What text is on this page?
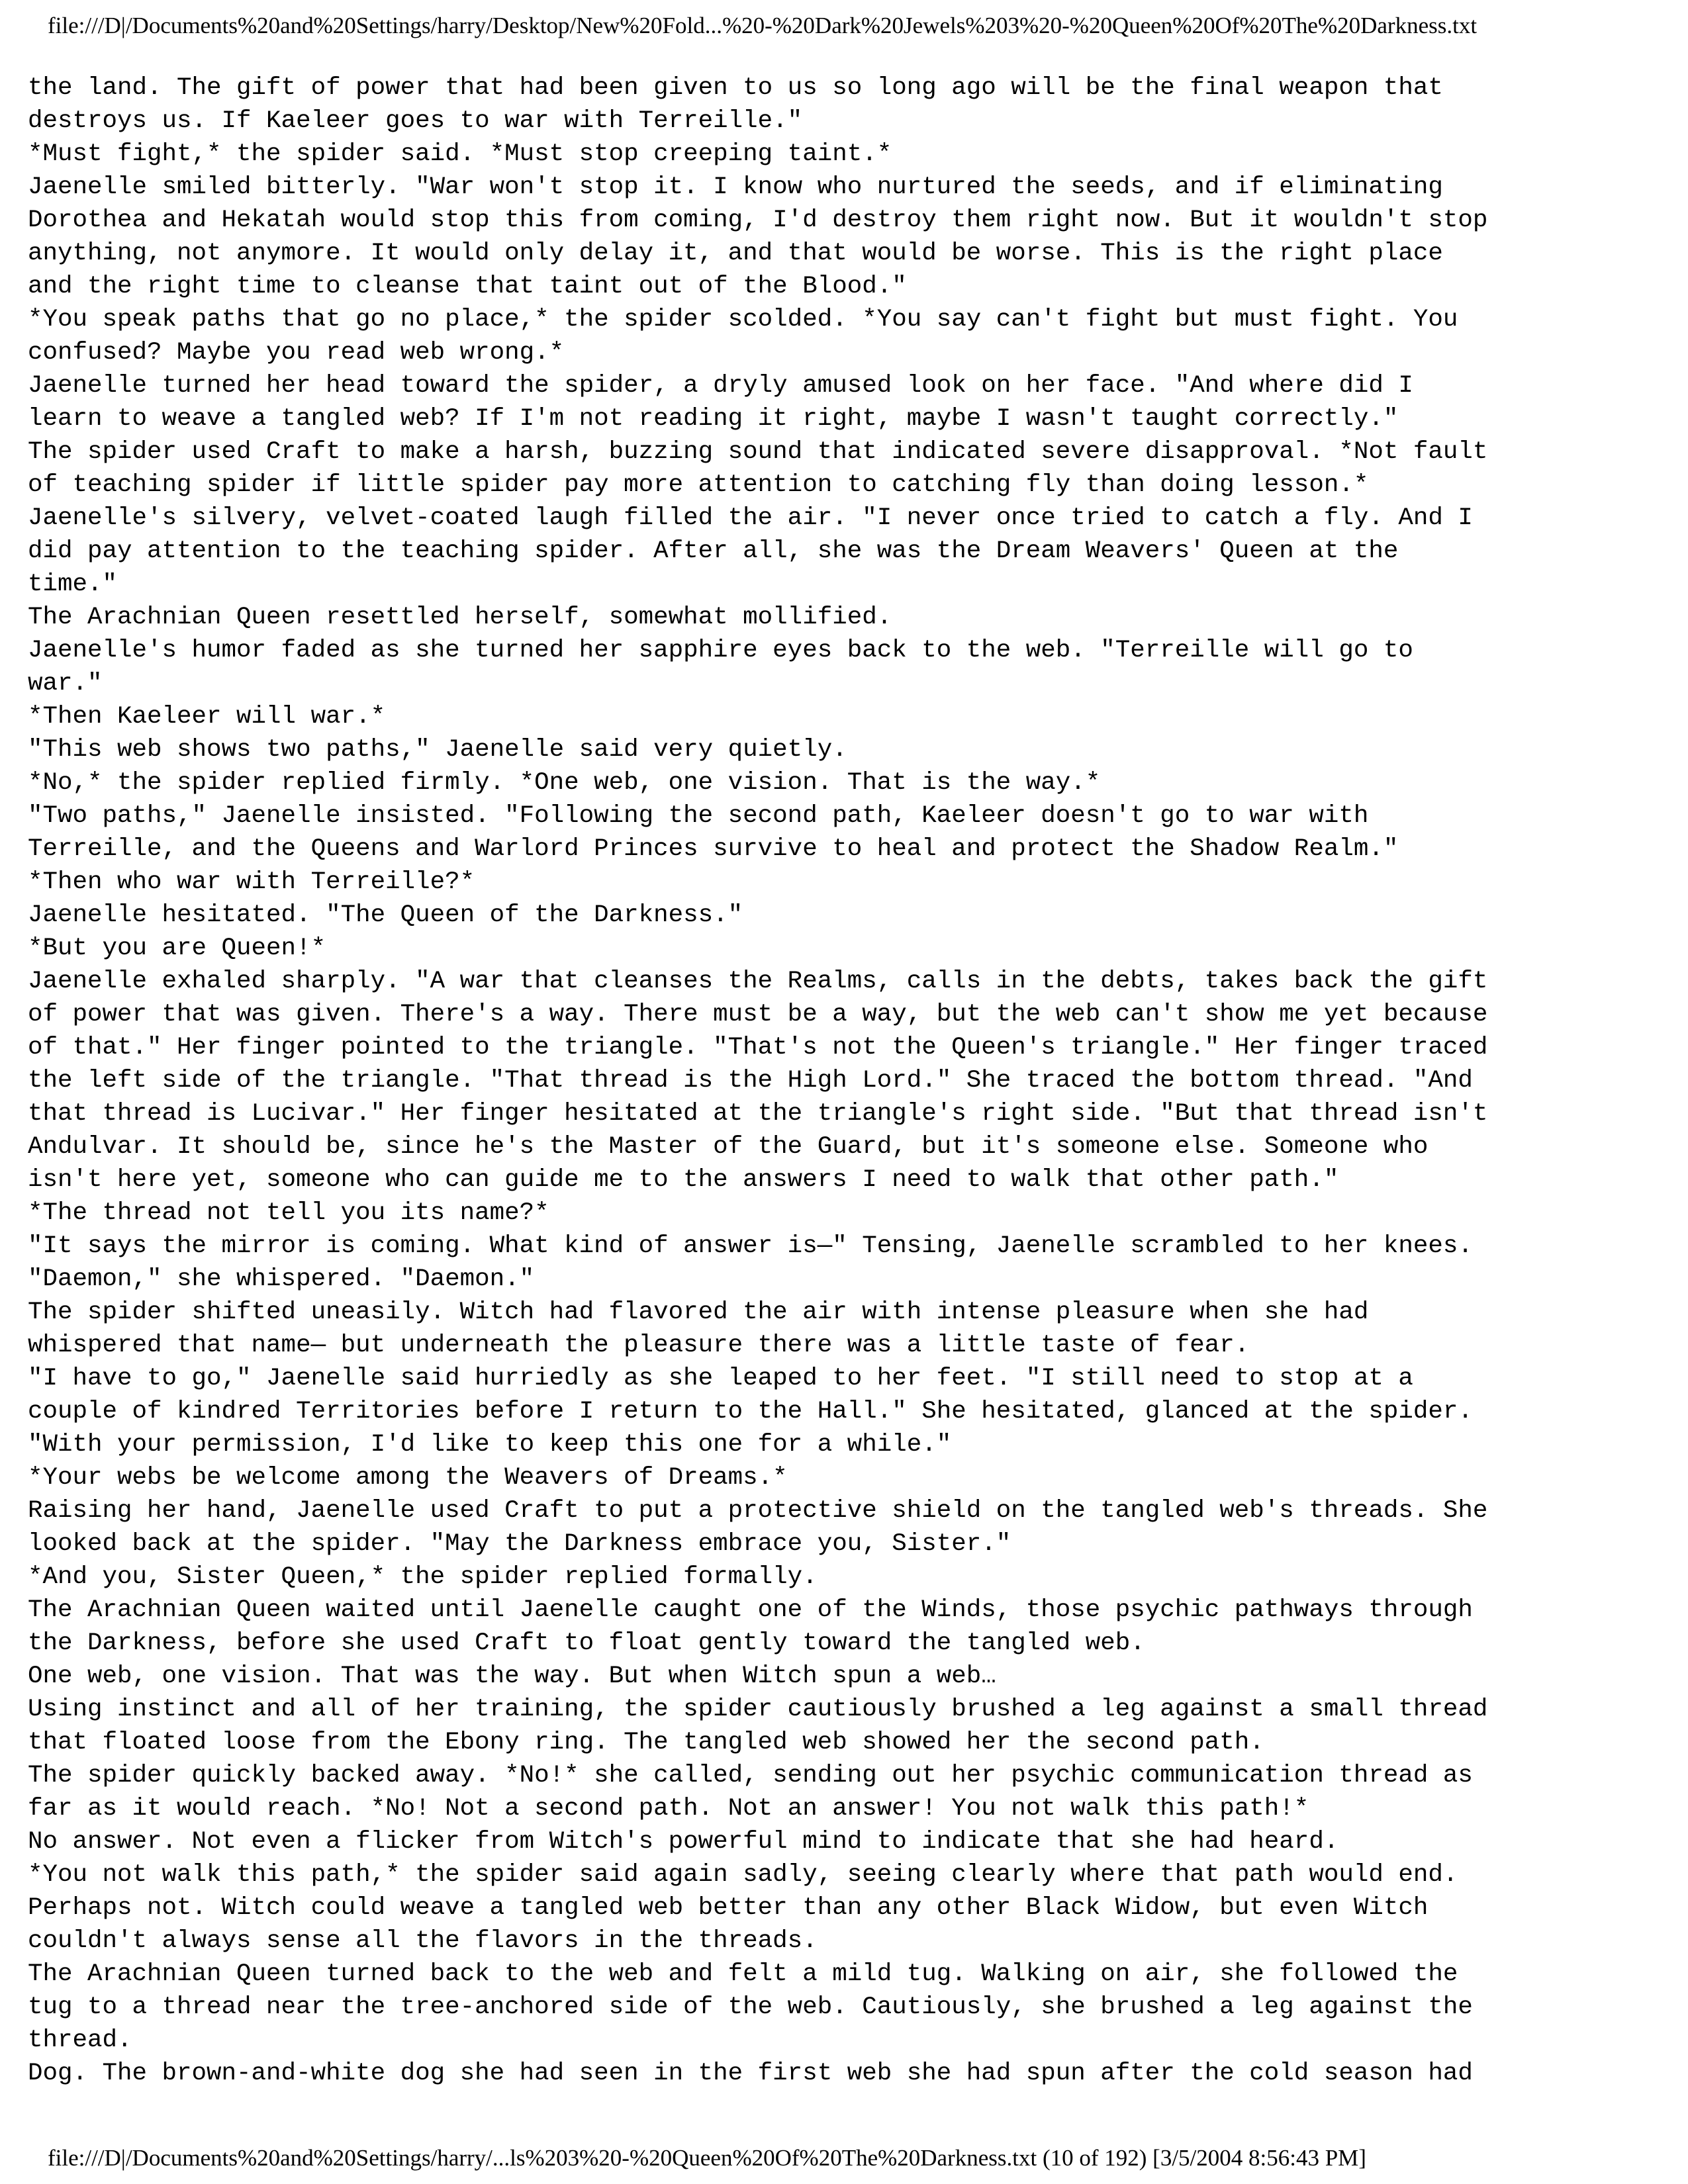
file:///D|/Documents%20and%20Settings/harry/Desktop/New%20Fold...%20-%20Dark%20Jewels%203%20-%20Queen%20Of%20The%20Darkness.txt
the land. The gift of power that had been given to us so long ago will be the final weapon that
destroys us. If Kaeleer goes to war with Terreille."
*Must fight,* the spider said. *Must stop creeping taint.*
Jaenelle smiled bitterly. "War won't stop it. I know who nurtured the seeds, and if eliminating
Dorothea and Hekatah would stop this from coming, I'd destroy them right now. But it wouldn't stop
anything, not anymore. It would only delay it, and that would be worse. This is the right place
and the right time to cleanse that taint out of the Blood."
*You speak paths that go no place,* the spider scolded. *You say can't fight but must fight. You
confused? Maybe you read web wrong.*
Jaenelle turned her head toward the spider, a dryly amused look on her face. "And where did I
learn to weave a tangled web? If I'm not reading it right, maybe I wasn't taught correctly."
The spider used Craft to make a harsh, buzzing sound that indicated severe disapproval. *Not fault
of teaching spider if little spider pay more attention to catching fly than doing lesson.*
Jaenelle's silvery, velvet-coated laugh filled the air. "I never once tried to catch a fly. And I
did pay attention to the teaching spider. After all, she was the Dream Weavers' Queen at the
time."
The Arachnian Queen resettled herself, somewhat mollified.
Jaenelle's humor faded as she turned her sapphire eyes back to the web. "Terreille will go to
war."
*Then Kaeleer will war.*
"This web shows two paths," Jaenelle said very quietly.
*No,* the spider replied firmly. *One web, one vision. That is the way.*
"Two paths," Jaenelle insisted. "Following the second path, Kaeleer doesn't go to war with
Terreille, and the Queens and Warlord Princes survive to heal and protect the Shadow Realm."
*Then who war with Terreille?*
Jaenelle hesitated. "The Queen of the Darkness."
*But you are Queen!*
Jaenelle exhaled sharply. "A war that cleanses the Realms, calls in the debts, takes back the gift
of power that was given. There's a way. There must be a way, but the web can't show me yet because
of that." Her finger pointed to the triangle. "That's not the Queen's triangle." Her finger traced
the left side of the triangle. "That thread is the High Lord." She traced the bottom thread. "And
that thread is Lucivar." Her finger hesitated at the triangle's right side. "But that thread isn't
Andulvar. It should be, since he's the Master of the Guard, but it's someone else. Someone who
isn't here yet, someone who can guide me to the answers I need to walk that other path."
*The thread not tell you its name?*
"It says the mirror is coming. What kind of answer is—" Tensing, Jaenelle scrambled to her knees.
"Daemon," she whispered. "Daemon."
The spider shifted uneasily. Witch had flavored the air with intense pleasure when she had
whispered that name— but underneath the pleasure there was a little taste of fear.
"I have to go," Jaenelle said hurriedly as she leaped to her feet. "I still need to stop at a
couple of kindred Territories before I return to the Hall." She hesitated, glanced at the spider.
"With your permission, I'd like to keep this one for a while."
*Your webs be welcome among the Weavers of Dreams.*
Raising her hand, Jaenelle used Craft to put a protective shield on the tangled web's threads. She
looked back at the spider. "May the Darkness embrace you, Sister."
*And you, Sister Queen,* the spider replied formally.
The Arachnian Queen waited until Jaenelle caught one of the Winds, those psychic pathways through
the Darkness, before she used Craft to float gently toward the tangled web.
One web, one vision. That was the way. But when Witch spun a web…
Using instinct and all of her training, the spider cautiously brushed a leg against a small thread
that floated loose from the Ebony ring. The tangled web showed her the second path.
The spider quickly backed away. *No!* she called, sending out her psychic communication thread as
far as it would reach. *No! Not a second path. Not an answer! You not walk this path!*
No answer. Not even a flicker from Witch's powerful mind to indicate that she had heard.
*You not walk this path,* the spider said again sadly, seeing clearly where that path would end.
Perhaps not. Witch could weave a tangled web better than any other Black Widow, but even Witch
couldn't always sense all the flavors in the threads.
The Arachnian Queen turned back to the web and felt a mild tug. Walking on air, she followed the
tug to a thread near the tree-anchored side of the web. Cautiously, she brushed a leg against the
thread.
Dog. The brown-and-white dog she had seen in the first web she had spun after the cold season had
file:///D|/Documents%20and%20Settings/harry/...ls%203%20-%20Queen%20Of%20The%20Darkness.txt (10 of 192) [3/5/2004 8:56:43 PM]
